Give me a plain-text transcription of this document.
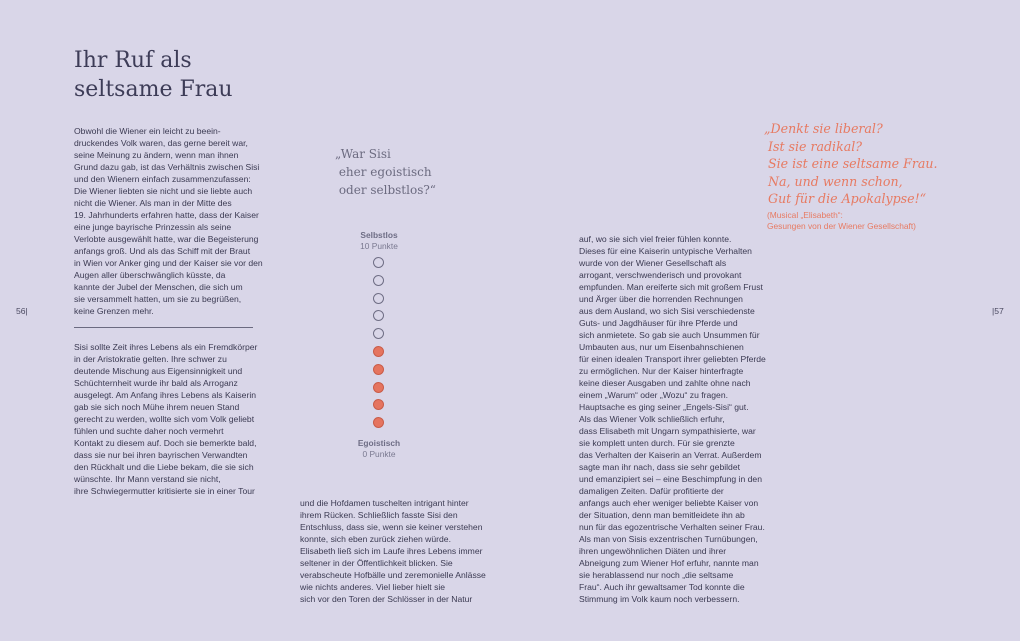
Ihr Ruf als
seltsame Frau

Obwohl die Wiener ein leicht zu beein-
druckendes Volk waren, das gerne bereit war,
seine Meinung zu ändern, wenn man ihnen
Grund dazu gab, ist das Verhältnis zwischen Sisi
und den Wienern einfach zusammenzufassen:
Die Wiener liebten sie nicht und sie liebte auch
nicht die Wiener. Als man in der Mitte des
19. Jahrhunderts erfahren hatte, dass der Kaiser
eine junge bayrische Prinzessin als seine
Verlobte ausgewählt hatte, war die Begeisterung
anfangs groß. Und als das Schiff mit der Braut
in Wien vor Anker ging und der Kaiser sie vor den
Augen aller überschwänglich küsste, da
kannte der Jubel der Menschen, die sich um
sie versammelt hatten, um sie zu begrüßen,
keine Grenzen mehr.

Sisi sollte Zeit ihres Lebens als ein Fremdkörper
in der Aristokratie gelten. Ihre schwer zu
deutende Mischung aus Eigensinnigkeit und
Schüchternheit wurde ihr bald als Arroganz
ausgelegt. Am Anfang ihres Lebens als Kaiserin
gab sie sich noch Mühe ihrem neuen Stand
gerecht zu werden, wollte sich vom Volk geliebt
fühlen und suchte daher noch vermehrt
Kontakt zu diesem auf. Doch sie bemerkte bald,
dass sie nur bei ihren bayrischen Verwandten
den Rückhalt und die Liebe bekam, die sie sich
wünschte. Ihr Mann verstand sie nicht,
ihre Schwiegermutter kritisierte sie in einer Tour

und die Hofdamen tuschelten intrigant hinter
ihrem Rücken. Schließlich fasste Sisi den
Entschluss, dass sie, wenn sie keiner verstehen
konnte, sich eben zurück ziehen würde.
Elisabeth ließ sich im Laufe ihres Lebens immer
seltener in der Öffentlichkeit blicken. Sie
verabscheute Hofbälle und zeremonielle Anlässe
wie nichts anderes. Viel lieber hielt sie
sich vor den Toren der Schlösser in der Natur

56|

„War Sisi
eher egoistisch
oder selbstlos?“

Selbstlos
10 Punkte
Egoistisch
0 Punkte

auf, wo sie sich viel freier fühlen konnte.
Dieses für eine Kaiserin untypische Verhalten
wurde von der Wiener Gesellschaft als
arrogant, verschwenderisch und provokant
empfunden. Man ereiferte sich mit großem Frust
und Ärger über die horrenden Rechnungen
aus dem Ausland, wo sich Sisi verschiedenste
Guts- und Jagdhäuser für ihre Pferde und
sich anmietete. So gab sie auch Unsummen für
Umbauten aus, nur um Eisenbahnschienen
für einen idealen Transport ihrer geliebten Pferde
zu ermöglichen. Nur der Kaiser hinterfragte
keine dieser Ausgaben und zahlte ohne nach
einem „Warum“ oder „Wozu“ zu fragen.
Hauptsache es ging seiner „Engels-Sisi“ gut.
Als das Wiener Volk schließlich erfuhr,
dass Elisabeth mit Ungarn sympathisierte, war
sie komplett unten durch. Für sie grenzte
das Verhalten der Kaiserin an Verrat. Außerdem
sagte man ihr nach, dass sie sehr gebildet
und emanzipiert sei – eine Beschimpfung in den
damaligen Zeiten. Dafür profitierte der
anfangs auch eher weniger beliebte Kaiser von
der Situation, denn man bemitleidete ihn ab
nun für das egozentrische Verhalten seiner Frau.
Als man von Sisis exzentrischen Turnübungen,
ihren ungewöhnlichen Diäten und ihrer
Abneigung zum Wiener Hof erfuhr, nannte man
sie herablassend nur noch „die seltsame
Frau“. Auch ihr gewaltsamer Tod konnte die
Stimmung im Volk kaum noch verbessern.

„Denkt sie liberal?
Ist sie radikal?
Sie ist eine seltsame Frau.
Na, und wenn schon,
Gut für die Apokalypse!“

(Musical „Elisabeth“:
Gesungen von der Wiener Gesellschaft)

|57
